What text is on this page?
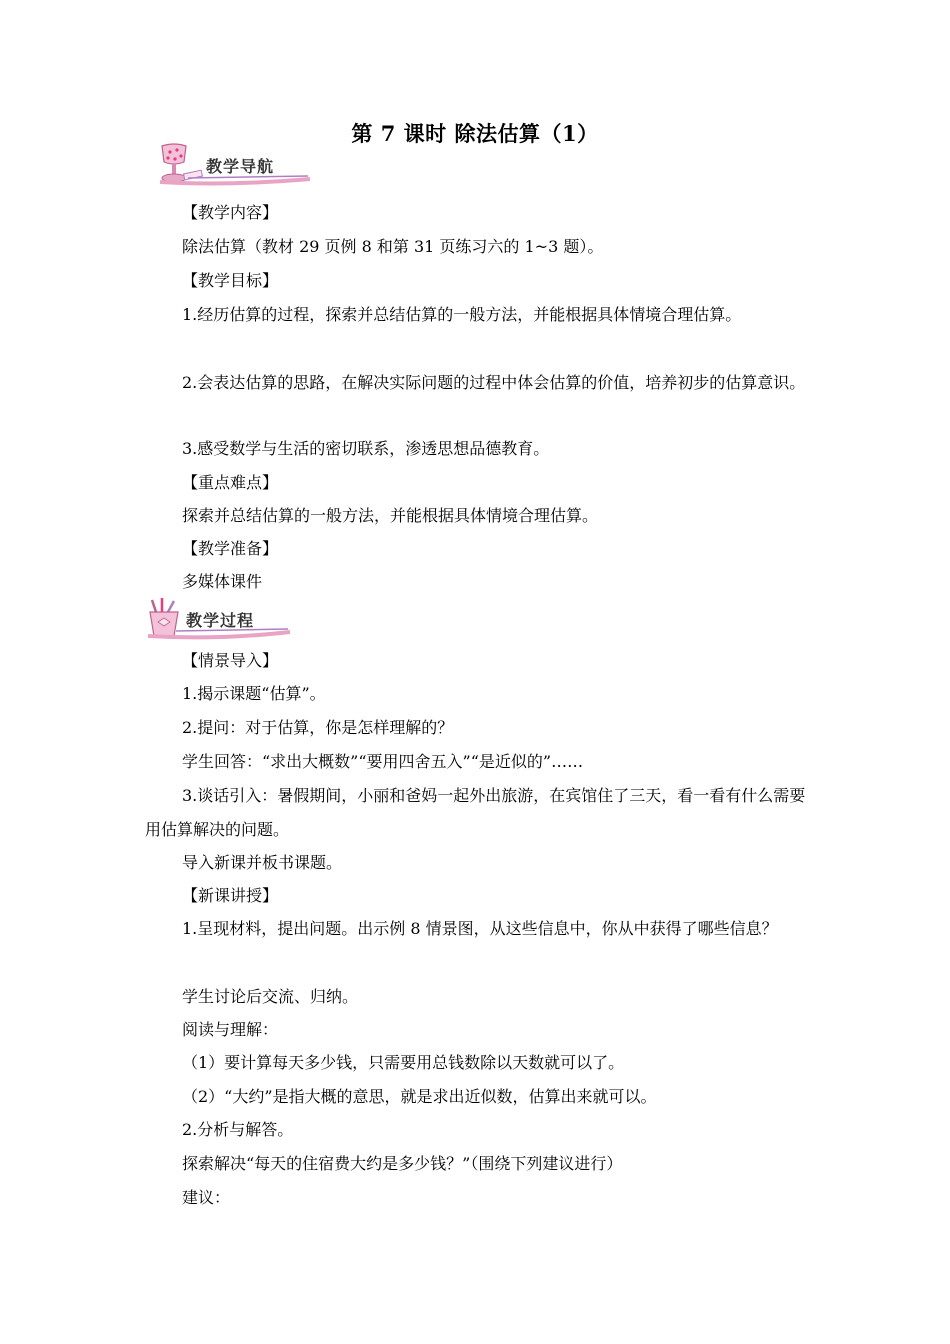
第 7 课时 除法估算（1）
教学导航
【教学内容】
除法估算（教材 29 页例 8 和第 31 页练习六的 1~3 题）。
【教学目标】
1.经历估算的过程，探索并总结估算的一般方法，并能根据具体情境合理估算。
2.会表达估算的思路，在解决实际问题的过程中体会估算的价值，培养初步的估算意识。
3.感受数学与生活的密切联系，渗透思想品德教育。
【重点难点】
探索并总结估算的一般方法，并能根据具体情境合理估算。
【教学准备】
多媒体课件
教学过程
【情景导入】
1.揭示课题“估算”。
2.提问：对于估算，你是怎样理解的？
学生回答：“求出大概数”“要用四舍五入”“是近似的”……
3.谈话引入：暑假期间，小丽和爸妈一起外出旅游，在宾馆住了三天，看一看有什么需要用估算解决的问题。
导入新课并板书课题。
【新课讲授】
1.呈现材料，提出问题。出示例 8 情景图，从这些信息中，你从中获得了哪些信息？
学生讨论后交流、归纳。
阅读与理解：
（1）要计算每天多少钱，只需要用总钱数除以天数就可以了。
（2）“大约”是指大概的意思，就是求出近似数，估算出来就可以。
2.分析与解答。
探索解决“每天的住宿费大约是多少钱？”（围绕下列建议进行）
建议：
